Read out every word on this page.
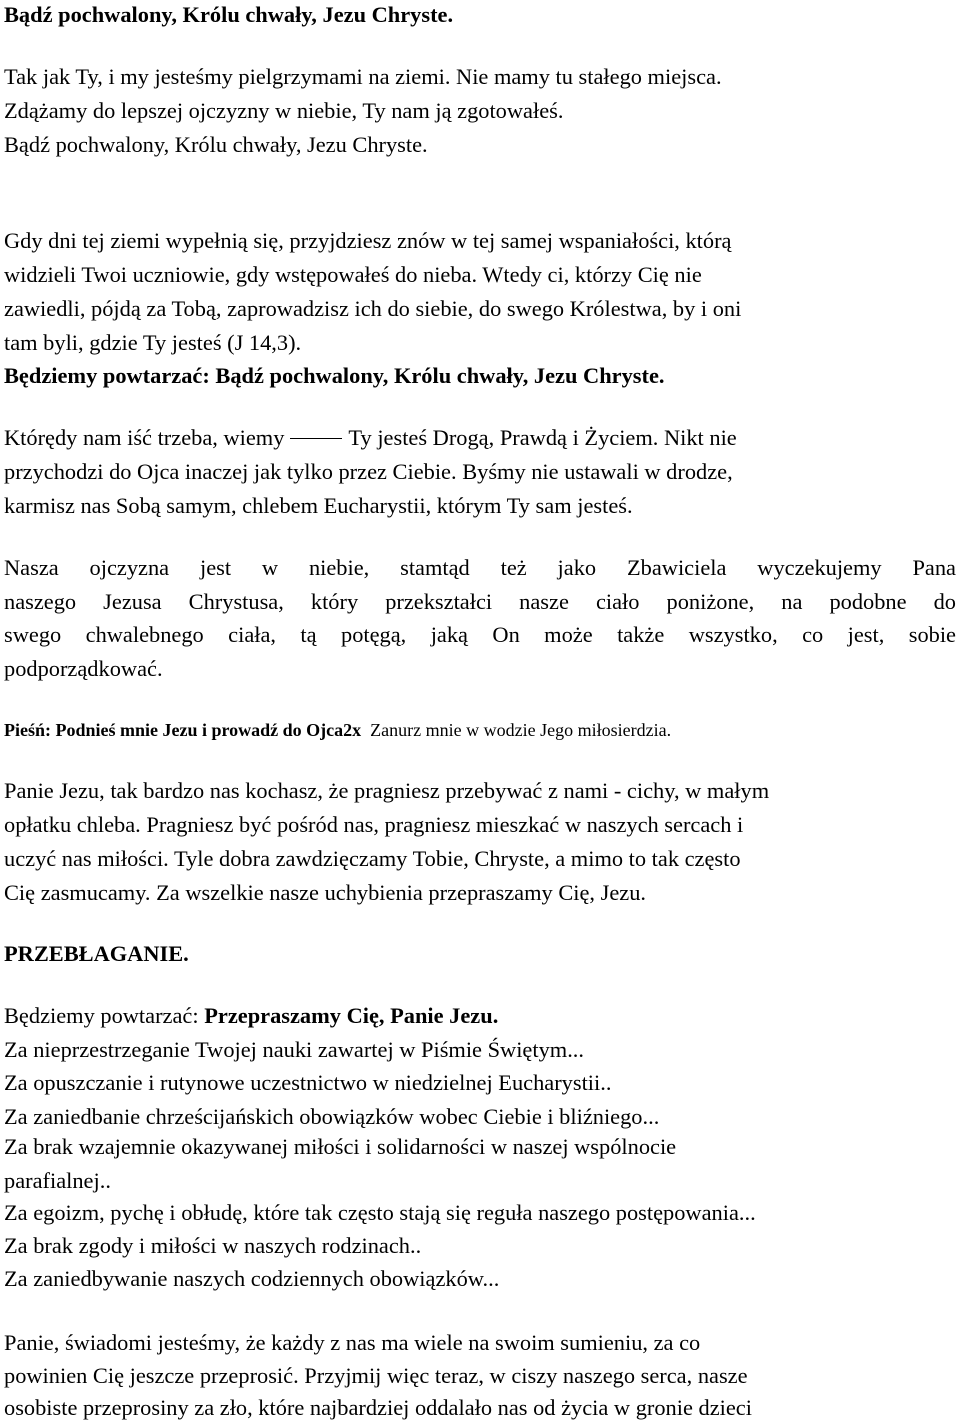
Bądź pochwalony, Królu chwały, Jezu Chryste.
Tak jak Ty, i my jesteśmy pielgrzymami na ziemi. Nie mamy tu stałego miejsca.
Zdążamy do lepszej ojczyzny w niebie, Ty nam ją zgotowałeś.
Bądź pochwalony, Królu chwały, Jezu Chryste.
Gdy dni tej ziemi wypełnią się, przyjdziesz znów w tej samej wspaniałości, którą
widzieli Twoi uczniowie, gdy wstępowałeś do nieba. Wtedy ci, którzy Cię nie
zawiedli, pójdą za Tobą, zaprowadzisz ich do siebie, do swego Królestwa, by i oni
tam byli, gdzie Ty jesteś (J 14,3).
Będziemy powtarzać: Bądź pochwalony, Królu chwały, Jezu Chryste.
Którędy nam iść trzeba, wiemy	Ty jesteś Drogą, Prawdą i Życiem. Nikt nie
przychodzi do Ojca inaczej jak tylko przez Ciebie. Byśmy nie ustawali w drodze,
karmisz nas Sobą samym, chlebem Eucharystii, którym Ty sam jesteś.
Nasza ojczyzna jest w niebie, stamtąd też jako Zbawiciela wyczekujemy Pana
naszego Jezusa Chrystusa, który przekształci nasze ciało poniżone, na podobne do
swego chwalebnego ciała, tą potęgą, jaką On może także wszystko, co jest, sobie
podporządkować.
Pieśń: Podnieś mnie Jezu i prowadź do Ojca2x Zanurz mnie w wodzie Jego miłosierdzia.
Panie Jezu, tak bardzo nas kochasz, że pragniesz przebywać z nami - cichy, w małym
opłatku chleba. Pragniesz być pośród nas, pragniesz mieszkać w naszych sercach i
uczyć nas miłości. Tyle dobra zawdzięczamy Tobie, Chryste, a mimo to tak często
Cię zasmucamy. Za wszelkie nasze uchybienia przepraszamy Cię, Jezu.
PRZEBŁAGANIE.
Będziemy powtarzać: Przepraszamy Cię, Panie Jezu.
Za nieprzestrzeganie Twojej nauki zawartej w Piśmie Świętym...
Za opuszczanie i rutynowe uczestnictwo w niedzielnej Eucharystii..
Za zaniedbanie chrześcijańskich obowiązków wobec Ciebie i bliźniego...
Za brak wzajemnie okazywanej miłości i solidarności w naszej wspólnocie
parafialnej..
Za egoizm, pychę i obłudę, które tak często stają się reguła naszego postępowania...
Za brak zgody i miłości w naszych rodzinach..
Za zaniedbywanie naszych codziennych obowiązków...
Panie, świadomi jesteśmy, że każdy z nas ma wiele na swoim sumieniu, za co
powinien Cię jeszcze przeprosić. Przyjmij więc teraz, w ciszy naszego serca, nasze
osobiste przeprosiny za zło, które najbardziej oddalało nas od życia w gronie dzieci
